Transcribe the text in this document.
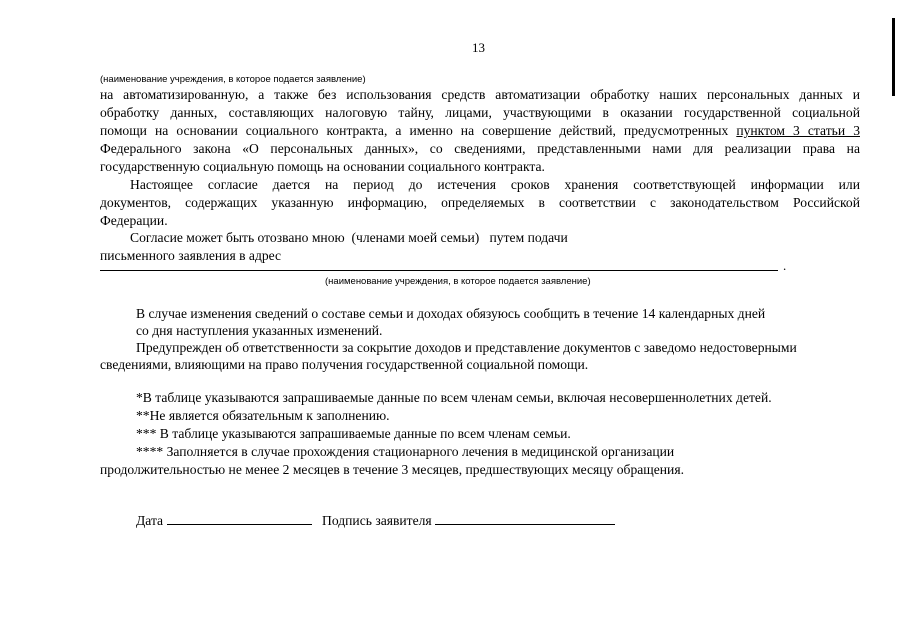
13
(наименование учреждения, в которое подается заявление)
на автоматизированную, а также без использования средств автоматизации обработку наших персональных данных и
обработку данных, составляющих налоговую тайну, лицами, участвующими в оказании государственной социальной
помощи на основании социального контракта, а именно на совершение действий, предусмотренных пунктом 3 статьи 3
Федерального закона «О персональных данных», со сведениями, представленными нами для реализации права на
государственную социальную помощь на основании социального контракта.
Настоящее согласие дается на период до истечения сроков хранения соответствующей информации или
документов, содержащих указанную информацию, определяемых в соответствии с законодательством Российской
Федерации.
Согласие может быть отозвано мною  (членами моей семьи)   путем подачи
письменного заявления в адрес
.
(наименование учреждения, в которое подается заявление)
В случае изменения сведений о составе семьи и доходах обязуюсь сообщить в течение 14 календарных дней
со дня наступления указанных изменений.
Предупрежден об ответственности за сокрытие доходов и представление документов с заведомо недостоверными
сведениями, влияющими на право получения государственной социальной помощи.
*В таблице указываются запрашиваемые данные по всем членам семьи, включая несовершеннолетних детей.
**Не является обязательным к заполнению.
*** В таблице указываются запрашиваемые данные по всем членам семьи.
**** Заполняется в случае прохождения стационарного лечения в медицинской организации
продолжительностью не менее 2 месяцев в течение 3 месяцев, предшествующих месяцу обращения.
Дата	Подпись заявителя
